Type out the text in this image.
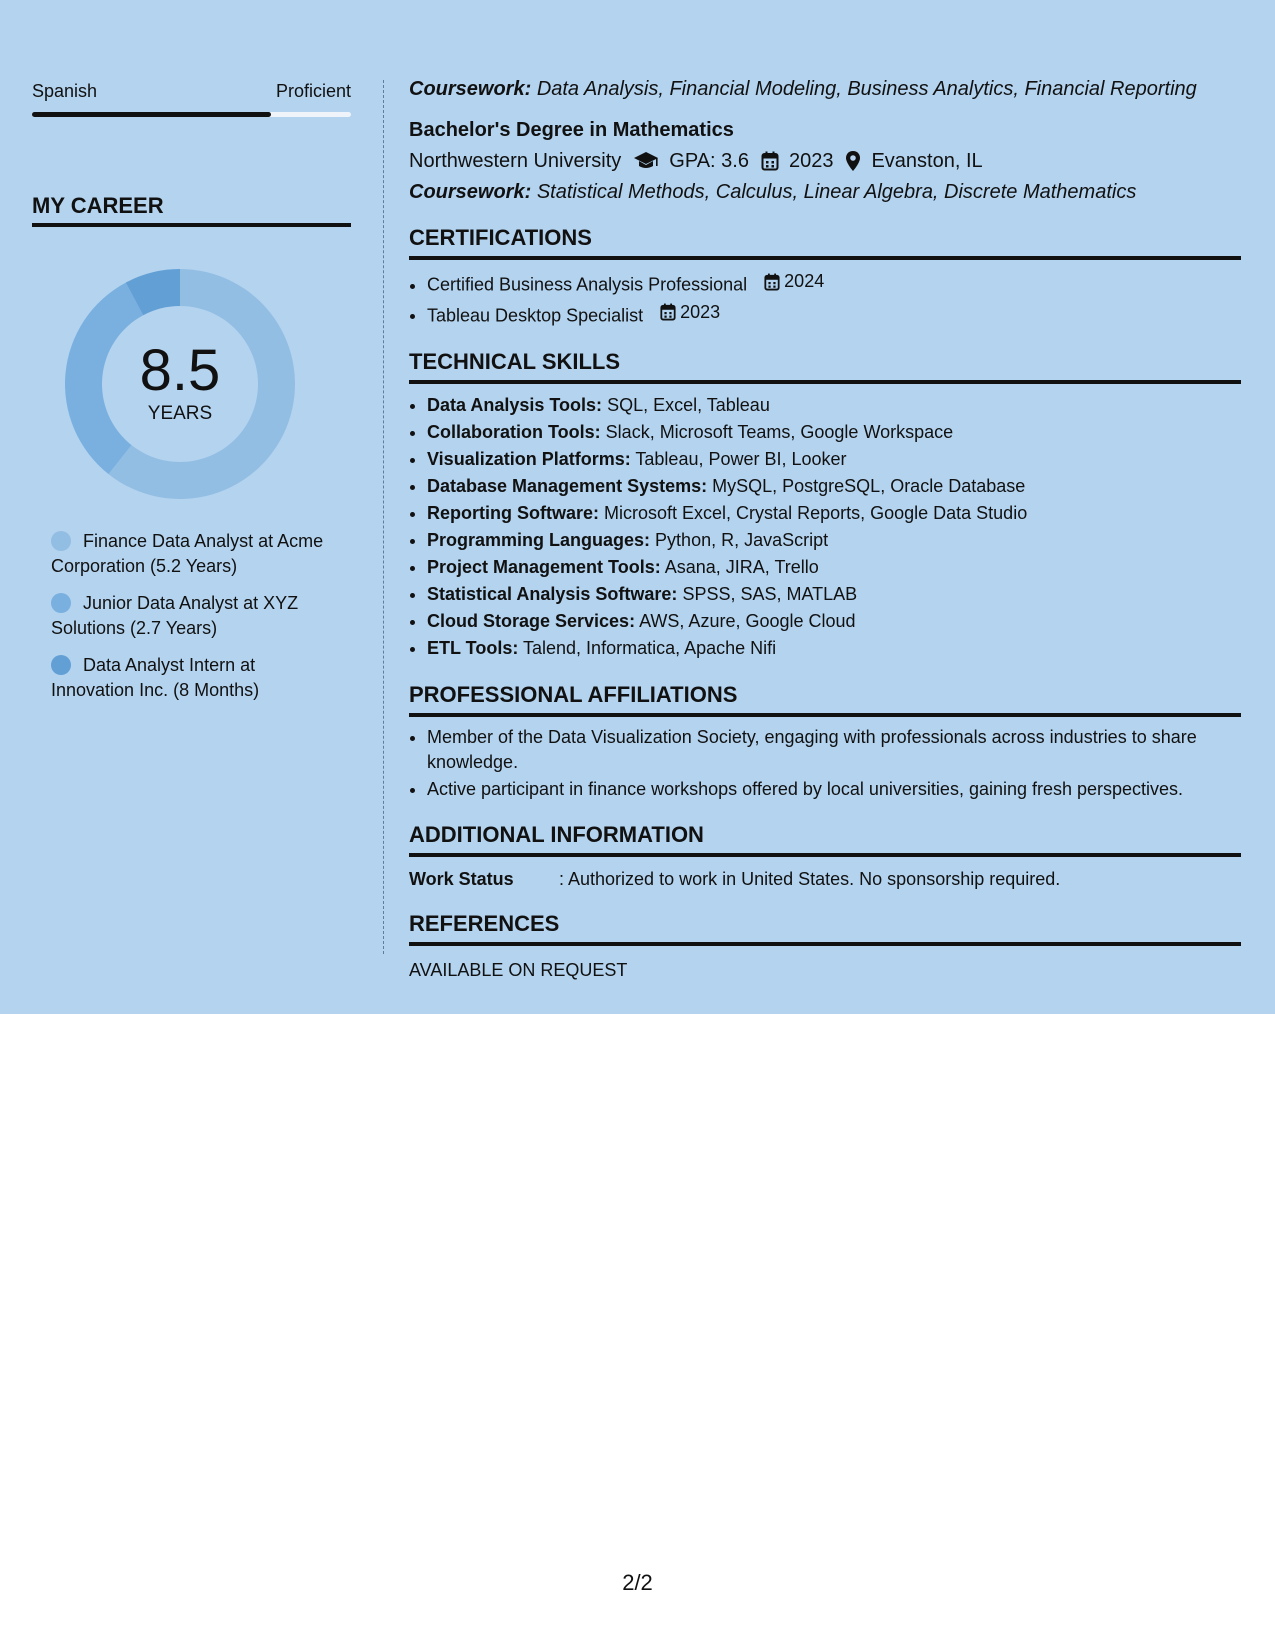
Spanish	Proficient
MY CAREER
8.5
YEARS
Finance Data Analyst at Acme Corporation (5.2 Years)
Junior Data Analyst at XYZ Solutions (2.7 Years)
Data Analyst Intern at Innovation Inc. (8 Months)
Coursework: Data Analysis, Financial Modeling, Business Analytics, Financial Reporting
Bachelor's Degree in Mathematics
Northwestern University GPA: 3.6 2023 Evanston, IL
Coursework: Statistical Methods, Calculus, Linear Algebra, Discrete Mathematics
CERTIFICATIONS
• Certified Business Analysis Professional 2024
• Tableau Desktop Specialist 2023
TECHNICAL SKILLS
• Data Analysis Tools: SQL, Excel, Tableau
• Collaboration Tools: Slack, Microsoft Teams, Google Workspace
• Visualization Platforms: Tableau, Power BI, Looker
• Database Management Systems: MySQL, PostgreSQL, Oracle Database
• Reporting Software: Microsoft Excel, Crystal Reports, Google Data Studio
• Programming Languages: Python, R, JavaScript
• Project Management Tools: Asana, JIRA, Trello
• Statistical Analysis Software: SPSS, SAS, MATLAB
• Cloud Storage Services: AWS, Azure, Google Cloud
• ETL Tools: Talend, Informatica, Apache Nifi
PROFESSIONAL AFFILIATIONS
• Member of the Data Visualization Society, engaging with professionals across industries to share knowledge.
• Active participant in finance workshops offered by local universities, gaining fresh perspectives.
ADDITIONAL INFORMATION
Work Status	: Authorized to work in United States. No sponsorship required.
REFERENCES
AVAILABLE ON REQUEST
2/2
